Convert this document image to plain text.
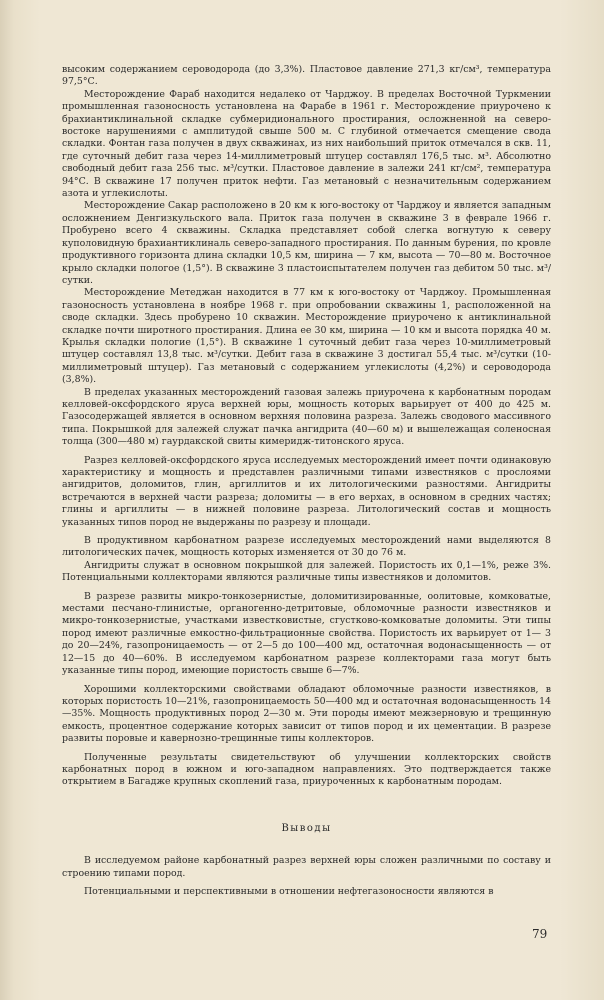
высоким содержанием сероводорода (до 3,3%). Пластовое давление 271,3 кг/см³, температура 97,5°С.

Месторождение Фараб находится недалеко от Чарджоу. В пределах Восточной Туркмении промышленная газоносность установлена на Фарабе в 1961 г. Месторождение приурочено к брахиантиклинальной складке субмеридионального простирания, осложненной на северо-востоке нарушениями с амплитудой свыше 500 м. С глубиной отмечается смещение свода складки. Фонтан газа получен в двух скважинах, из них наибольший приток отмечался в скв. 11, где суточный дебит газа через 14-миллиметровый штуцер составлял 176,5 тыс. м³. Абсолютно свободный дебит газа 256 тыс. м³/сутки. Пластовое давление в залежи 241 кг/см², температура 94°С. В скважине 17 получен приток нефти. Газ метановый с незначительным содержанием азота и углекислоты.

Месторождение Сакар расположено в 20 км к юго-востоку от Чарджоу и является западным осложнением Денгизкульского вала. Приток газа получен в скважине 3 в феврале 1966 г. Пробурено всего 4 скважины. Складка представляет собой слегка вогнутую к северу куполовидную брахиантиклиналь северо-западного простирания. По данным бурения, по кровле продуктивного горизонта длина складки 10,5 км, ширина — 7 км, высота — 70—80 м. Восточное крыло складки пологое (1,5°). В скважине 3 пластоиспытателем получен газ дебитом 50 тыс. м³/сутки.

Месторождение Метеджан находится в 77 км к юго-востоку от Чарджоу. Промышленная газоносность установлена в ноябре 1968 г. при опробовании скважины 1, расположенной на своде складки. Здесь пробурено 10 скважин. Месторождение приурочено к антиклинальной складке почти широтного простирания. Длина ее 30 км, ширина — 10 км и высота порядка 40 м. Крылья складки пологие (1,5°). В скважине 1 суточный дебит газа через 10-миллиметровый штуцер составлял 13,8 тыс. м³/сутки. Дебит газа в скважине 3 достигал 55,4 тыс. м³/сутки (10-миллиметровый штуцер). Газ метановый с содержанием углекислоты (4,2%) и сероводорода (3,8%).

В пределах указанных месторождений газовая залежь приурочена к карбонатным породам келловей-оксфордского яруса верхней юры, мощность которых варьирует от 400 до 425 м. Газосодержащей является в основном верхняя половина разреза. Залежь сводового массивного типа. Покрышкой для залежей служат пачка ангидрита (40—60 м) и вышележащая соленосная толща (300—480 м) гаурдакской свиты кимеридж-титонского яруса.

Разрез келловей-оксфордского яруса исследуемых месторождений имеет почти одинаковую характеристику и мощность и представлен различными типами известняков с прослоями ангидритов, доломитов, глин, аргиллитов и их литологическими разностями. Ангидриты встречаются в верхней части разреза; доломиты — в его верхах, в основном в средних частях; глины и аргиллиты — в нижней половине разреза. Литологический состав и мощность указанных типов пород не выдержаны по разрезу и площади.

В продуктивном карбонатном разрезе исследуемых месторождений нами выделяются 8 литологических пачек, мощность которых изменяется от 30 до 76 м.

Ангидриты служат в основном покрышкой для залежей. Пористость их 0,1—1%, реже 3%. Потенциальными коллекторами являются различные типы известняков и доломитов.

В разрезе развиты микро-тонкозернистые, доломитизированные, оолитовые, комковатые, местами песчано-глинистые, органогенно-детритовые, обломочные разности известняков и микро-тонкозернистые, участками известковистые, сгустково-комковатые доломиты. Эти типы пород имеют различные емкостно-фильтрационные свойства. Пористость их варьирует от 1— 3 до 20—24%, газопроницаемость — от 2—5 до 100—400 мд, остаточная водонасыщенность — от 12—15 до 40—60%. В исследуемом карбонатном разрезе коллекторами газа могут быть указанные типы пород, имеющие пористость свыше 6—7%.

Хорошими коллекторскими свойствами обладают обломочные разности известняков, в которых пористость 10—21%, газопроницаемость 50—400 мд и остаточная водонасыщенность 14—35%. Мощность продуктивных пород 2—30 м. Эти породы имеют межзерновую и трещинную емкость, процентное содержание которых зависит от типов пород и их цементации. В разрезе развиты поровые и кавернозно-трещинные типы коллекторов.

Полученные результаты свидетельствуют об улучшении коллекторских свойств карбонатных пород в южном и юго-западном направлениях. Это подтверждается также открытием в Багадже крупных скоплений газа, приуроченных к карбонатным породам.

Выводы

В исследуемом районе карбонатный разрез верхней юры сложен различными по составу и строению типами пород.

Потенциальными и перспективными в отношении нефтегазоносности являются в

79
